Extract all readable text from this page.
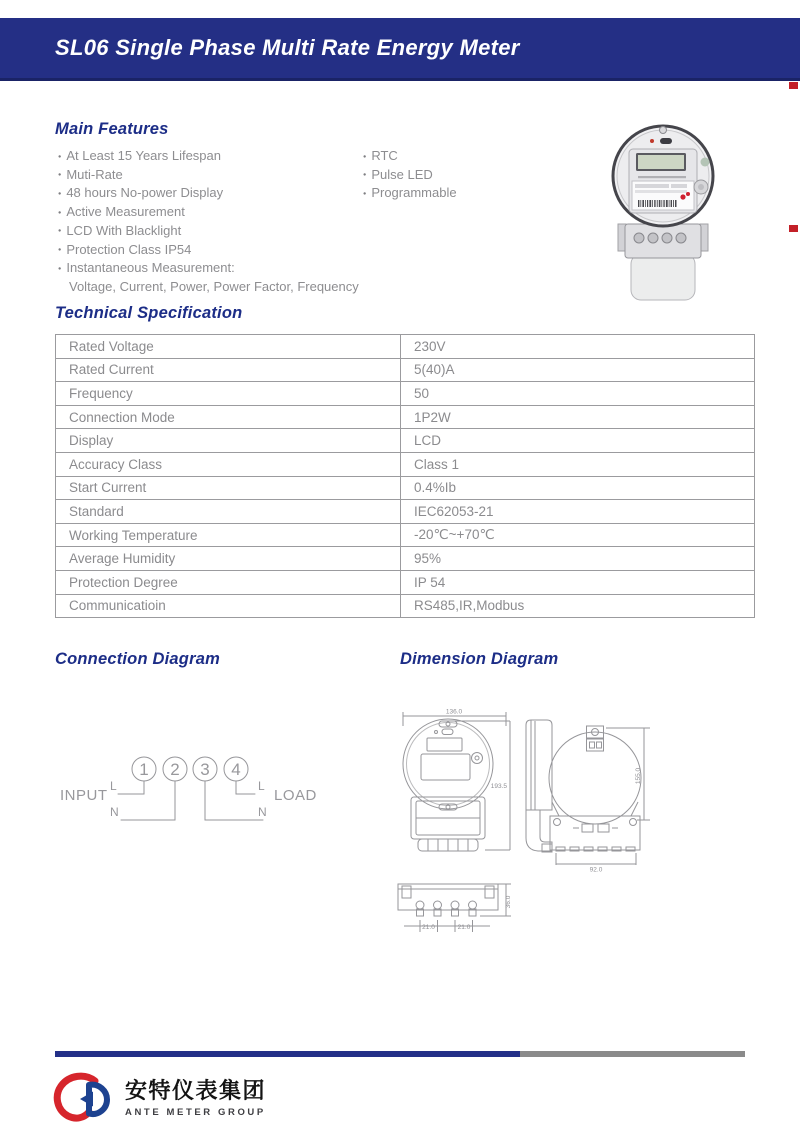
SL06 Single Phase Multi Rate Energy Meter
Main Features
● At Least 15 Years Lifespan
● Muti-Rate
● 48 hours No-power Display
● Active Measurement
● LCD With Blacklight
● Protection Class IP54
● Instantaneous Measurement:
Voltage, Current, Power, Power Factor, Frequency
● RTC
● Pulse LED
● Programmable
Technical Specification
Rated Voltage	230V
Rated Current	5(40)A
Frequency	50
Connection Mode	1P2W
Display	LCD
Accuracy Class	Class 1
Start Current	0.4%Ib
Standard	IEC62053-21
Working Temperature	-20℃~+70℃
Average Humidity	95%
Protection Degree	IP 54
Communicatioin	RS485,IR,Modbus
Connection Diagram	Dimension Diagram
INPUT	LOAD
L
N
L
N
1 2 3 4
136.0
193.5
155.0
92.0
36.0
21.0	21.0
安特仪表集团
ANTE METER GROUP
